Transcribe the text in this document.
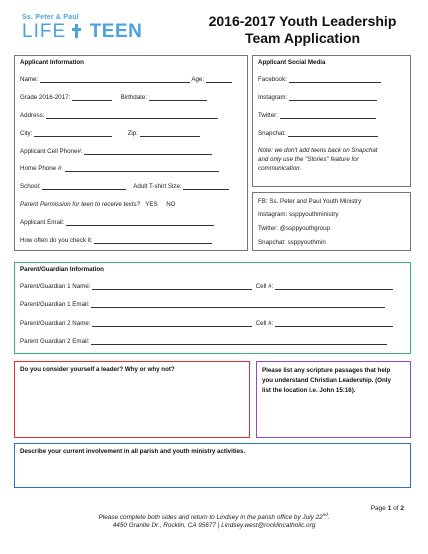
Ss. Peter & Paul
LIFE TEEN	2016-2017 Youth Leadership
Team Application
Applicant Information
Name:	Age:
Grade 2016-2017:	Birthdate:
Address:
City:	Zip:
Applicant Cell Phone#:
Home Phone #:
School:	Adult T-shirt Size:
Parent Permission for teen to receive texts? YES NO
Applicant Email:
How often do you check it:
Applicant Social Media
Facebook:
Instagram:
Twitter:
Snapchat:
Note: we don't add teens back on Snapchat
and only use the "Stories" feature for
communication.
FB: Ss. Peter and Paul Youth Ministry
Instagram: ssppyouthministry
Twitter: @ssppyouthgroup
Snapchat: ssppyouthmin
Parent/Guardian Information
Parent/Guardian 1 Name:	Cell #:
Parent/Guardian 1 Email:
Parent/Guardian 2 Name:	Cell #:
Parent Guardian 2 Email:
Do you consider yourself a leader? Why or why not?	Please list any scripture passages that help
you understand Christian Leadership. (Only
list the location i.e. John 15:16).
Describe your current involvement in all parish and youth ministry activities.
Page 1 of 2
Please complete both sides and return to Lindsey in the parish office by July 22nd.
4450 Granite Dr., Rocklin, CA 95677 | Lindsey.west@rocklincatholic.org
